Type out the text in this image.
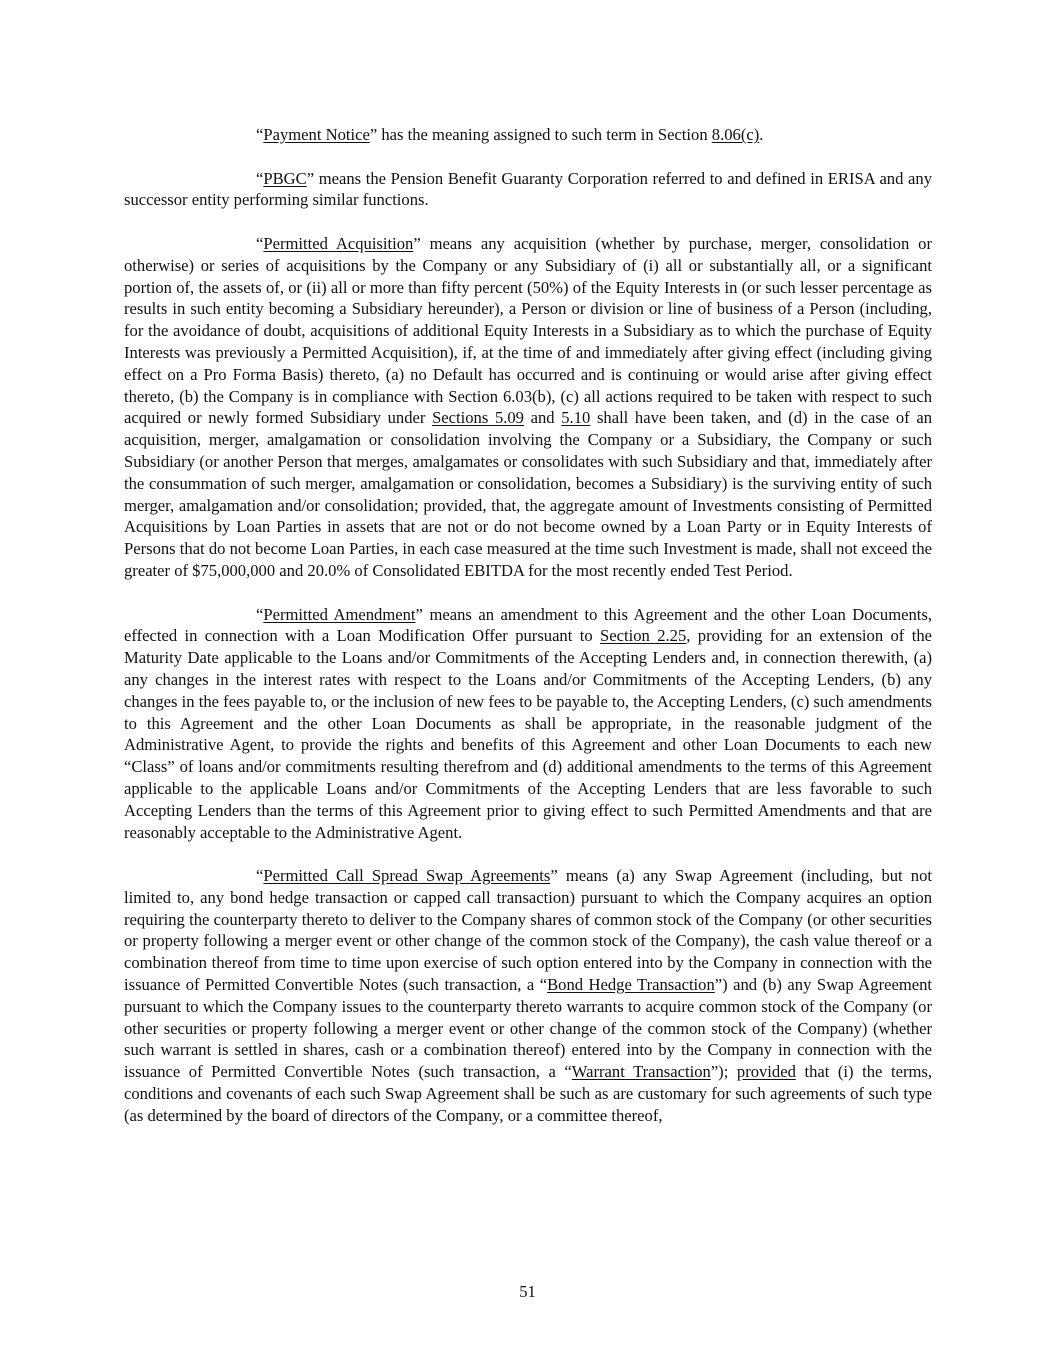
“Payment Notice” has the meaning assigned to such term in Section 8.06(c).

“PBGC” means the Pension Benefit Guaranty Corporation referred to and defined in ERISA and any successor entity performing similar functions.

“Permitted Acquisition” means any acquisition (whether by purchase, merger, consolidation or otherwise) or series of acquisitions by the Company or any Subsidiary of (i) all or substantially all, or a significant portion of, the assets of, or (ii) all or more than fifty percent (50%) of the Equity Interests in (or such lesser percentage as results in such entity becoming a Subsidiary hereunder), a Person or division or line of business of a Person (including, for the avoidance of doubt, acquisitions of additional Equity Interests in a Subsidiary as to which the purchase of Equity Interests was previously a Permitted Acquisition), if, at the time of and immediately after giving effect (including giving effect on a Pro Forma Basis) thereto, (a) no Default has occurred and is continuing or would arise after giving effect thereto, (b) the Company is in compliance with Section 6.03(b), (c) all actions required to be taken with respect to such acquired or newly formed Subsidiary under Sections 5.09 and 5.10 shall have been taken, and (d) in the case of an acquisition, merger, amalgamation or consolidation involving the Company or a Subsidiary, the Company or such Subsidiary (or another Person that merges, amalgamates or consolidates with such Subsidiary and that, immediately after the consummation of such merger, amalgamation or consolidation, becomes a Subsidiary) is the surviving entity of such merger, amalgamation and/or consolidation; provided, that, the aggregate amount of Investments consisting of Permitted Acquisitions by Loan Parties in assets that are not or do not become owned by a Loan Party or in Equity Interests of Persons that do not become Loan Parties, in each case measured at the time such Investment is made, shall not exceed the greater of $75,000,000 and 20.0% of Consolidated EBITDA for the most recently ended Test Period.

“Permitted Amendment” means an amendment to this Agreement and the other Loan Documents, effected in connection with a Loan Modification Offer pursuant to Section 2.25, providing for an extension of the Maturity Date applicable to the Loans and/or Commitments of the Accepting Lenders and, in connection therewith, (a) any changes in the interest rates with respect to the Loans and/or Commitments of the Accepting Lenders, (b) any changes in the fees payable to, or the inclusion of new fees to be payable to, the Accepting Lenders, (c) such amendments to this Agreement and the other Loan Documents as shall be appropriate, in the reasonable judgment of the Administrative Agent, to provide the rights and benefits of this Agreement and other Loan Documents to each new “Class” of loans and/or commitments resulting therefrom and (d) additional amendments to the terms of this Agreement applicable to the applicable Loans and/or Commitments of the Accepting Lenders that are less favorable to such Accepting Lenders than the terms of this Agreement prior to giving effect to such Permitted Amendments and that are reasonably acceptable to the Administrative Agent.

“Permitted Call Spread Swap Agreements” means (a) any Swap Agreement (including, but not limited to, any bond hedge transaction or capped call transaction) pursuant to which the Company acquires an option requiring the counterparty thereto to deliver to the Company shares of common stock of the Company (or other securities or property following a merger event or other change of the common stock of the Company), the cash value thereof or a combination thereof from time to time upon exercise of such option entered into by the Company in connection with the issuance of Permitted Convertible Notes (such transaction, a “Bond Hedge Transaction”) and (b) any Swap Agreement pursuant to which the Company issues to the counterparty thereto warrants to acquire common stock of the Company (or other securities or property following a merger event or other change of the common stock of the Company) (whether such warrant is settled in shares, cash or a combination thereof) entered into by the Company in connection with the issuance of Permitted Convertible Notes (such transaction, a “Warrant Transaction”); provided that (i) the terms, conditions and covenants of each such Swap Agreement shall be such as are customary for such agreements of such type (as determined by the board of directors of the Company, or a committee thereof,

51
